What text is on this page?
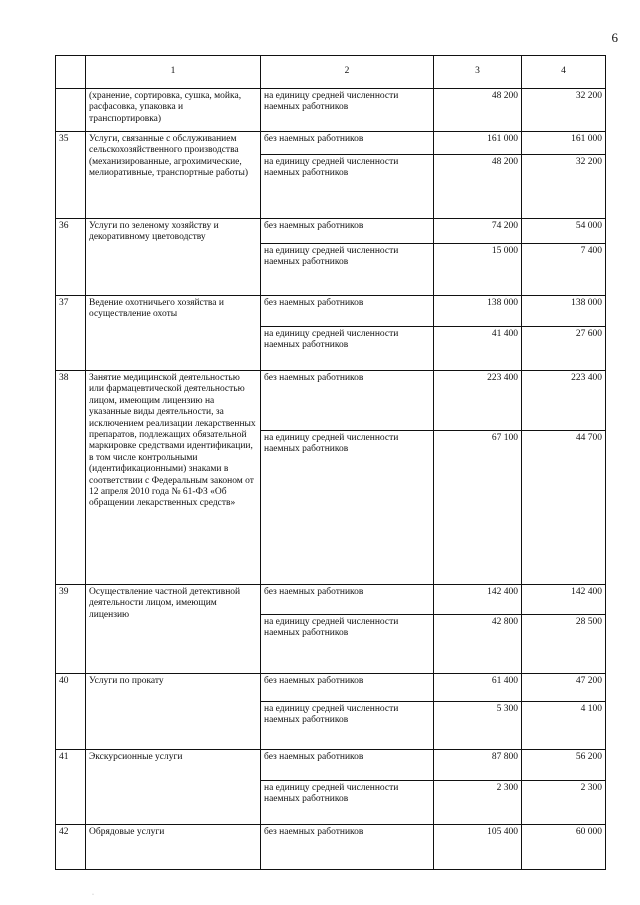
6
	1	2	3	4
	(хранение, сортировка, сушка, мойка, расфасовка, упаковка и транспортировка)	на единицу средней численности наемных работников	48 200	32 200
35	Услуги, связанные с обслуживанием сельскохозяйственного производства (механизированные, агрохимические, мелиоративные, транспортные работы)	без наемных работников	161 000	161 000
		на единицу средней численности наемных работников	48 200	32 200
36	Услуги по зеленому хозяйству и декоративному цветоводству	без наемных работников	74 200	54 000
		на единицу средней численности наемных работников	15 000	7 400
37	Ведение охотничьего хозяйства и осуществление охоты	без наемных работников	138 000	138 000
		на единицу средней численности наемных работников	41 400	27 600
38	Занятие медицинской деятельностью или фармацевтической деятельностью лицом, имеющим лицензию на указанные виды деятельности, за исключением реализации лекарственных препаратов, подлежащих обязательной маркировке средствами идентификации, в том числе контрольными (идентификационными) знаками в соответствии с Федеральным законом от 12 апреля 2010 года № 61-ФЗ «Об обращении лекарственных средств»	без наемных работников	223 400	223 400
		на единицу средней численности наемных работников	67 100	44 700
39	Осуществление частной детективной деятельности лицом, имеющим лицензию	без наемных работников	142 400	142 400
		на единицу средней численности наемных работников	42 800	28 500
40	Услуги по прокату	без наемных работников	61 400	47 200
		на единицу средней численности наемных работников	5 300	4 100
41	Экскурсионные услуги	без наемных работников	87 800	56 200
		на единицу средней численности наемных работников	2 300	2 300
42	Обрядовые услуги	без наемных работников	105 400	60 000
·
